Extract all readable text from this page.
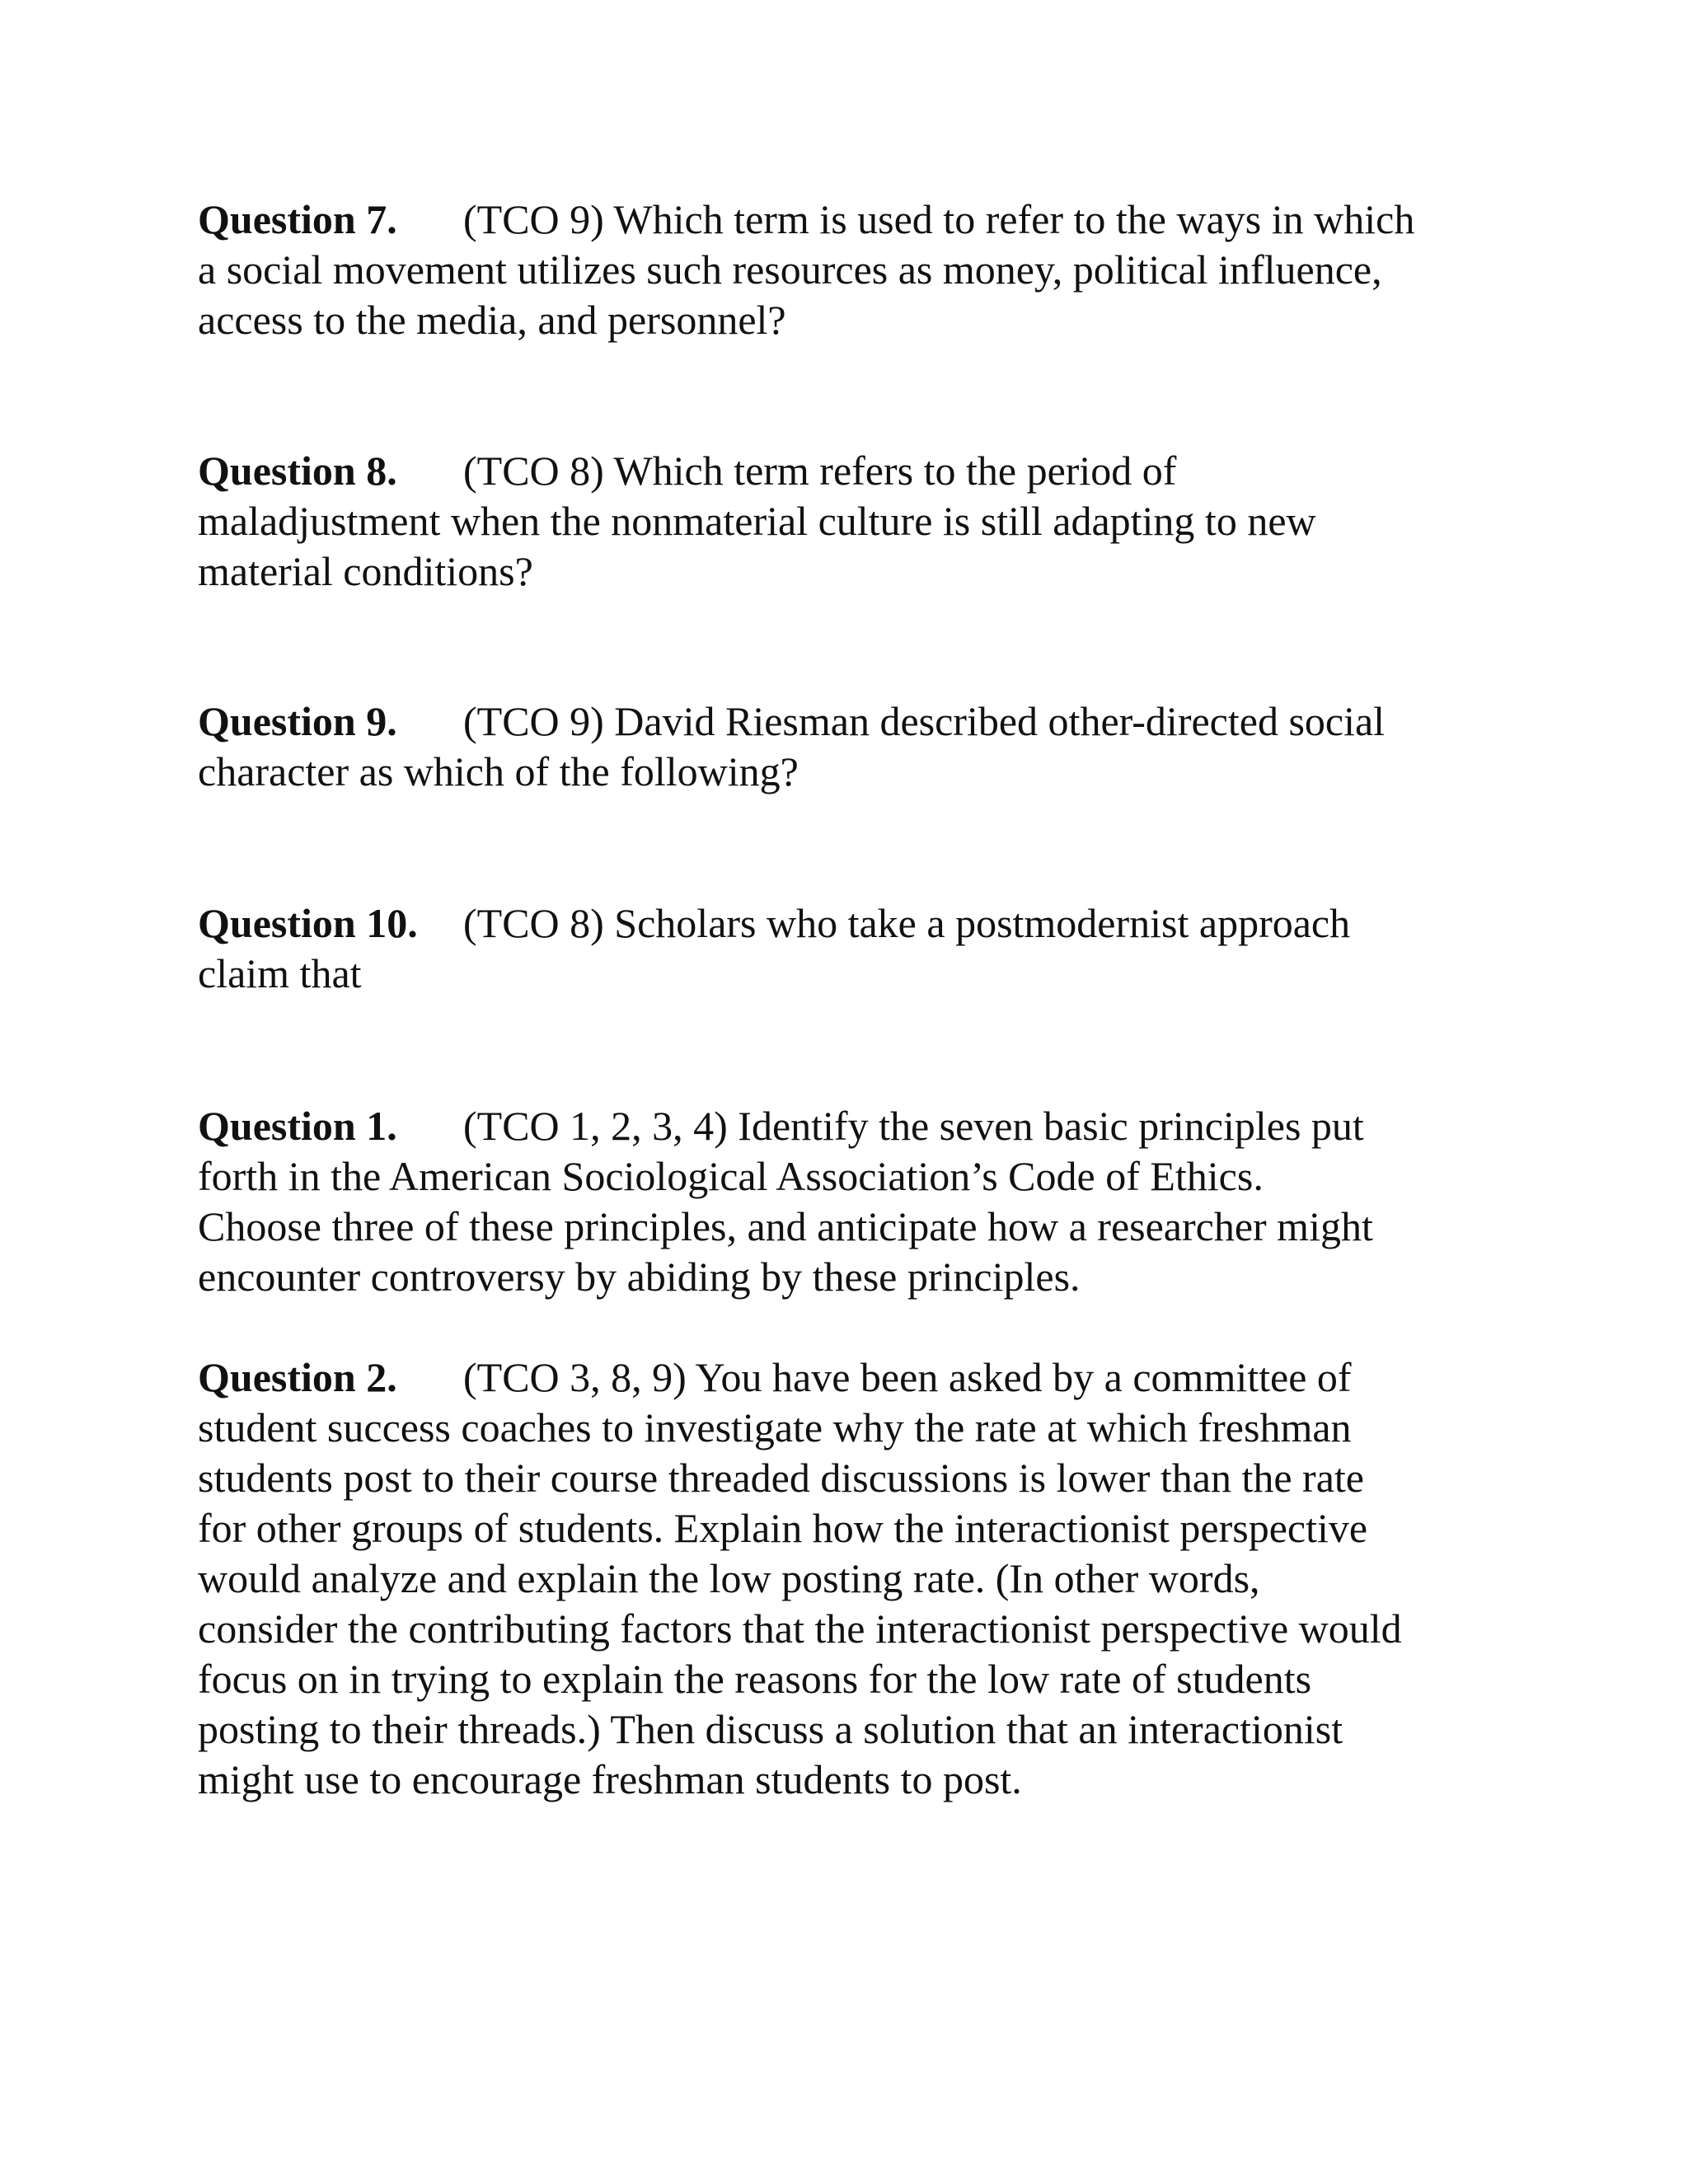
Question 7. (TCO 9) Which term is used to refer to the ways in which
a social movement utilizes such resources as money, political influence,
access to the media, and personnel?
Question 8. (TCO 8) Which term refers to the period of
maladjustment when the nonmaterial culture is still adapting to new
material conditions?
Question 9. (TCO 9) David Riesman described other-directed social
character as which of the following?
Question 10. (TCO 8) Scholars who take a postmodernist approach
claim that
Question 1. (TCO 1, 2, 3, 4) Identify the seven basic principles put
forth in the American Sociological Association’s Code of Ethics.
Choose three of these principles, and anticipate how a researcher might
encounter controversy by abiding by these principles.
Question 2. (TCO 3, 8, 9) You have been asked by a committee of
student success coaches to investigate why the rate at which freshman
students post to their course threaded discussions is lower than the rate
for other groups of students. Explain how the interactionist perspective
would analyze and explain the low posting rate. (In other words,
consider the contributing factors that the interactionist perspective would
focus on in trying to explain the reasons for the low rate of students
posting to their threads.) Then discuss a solution that an interactionist
might use to encourage freshman students to post.
